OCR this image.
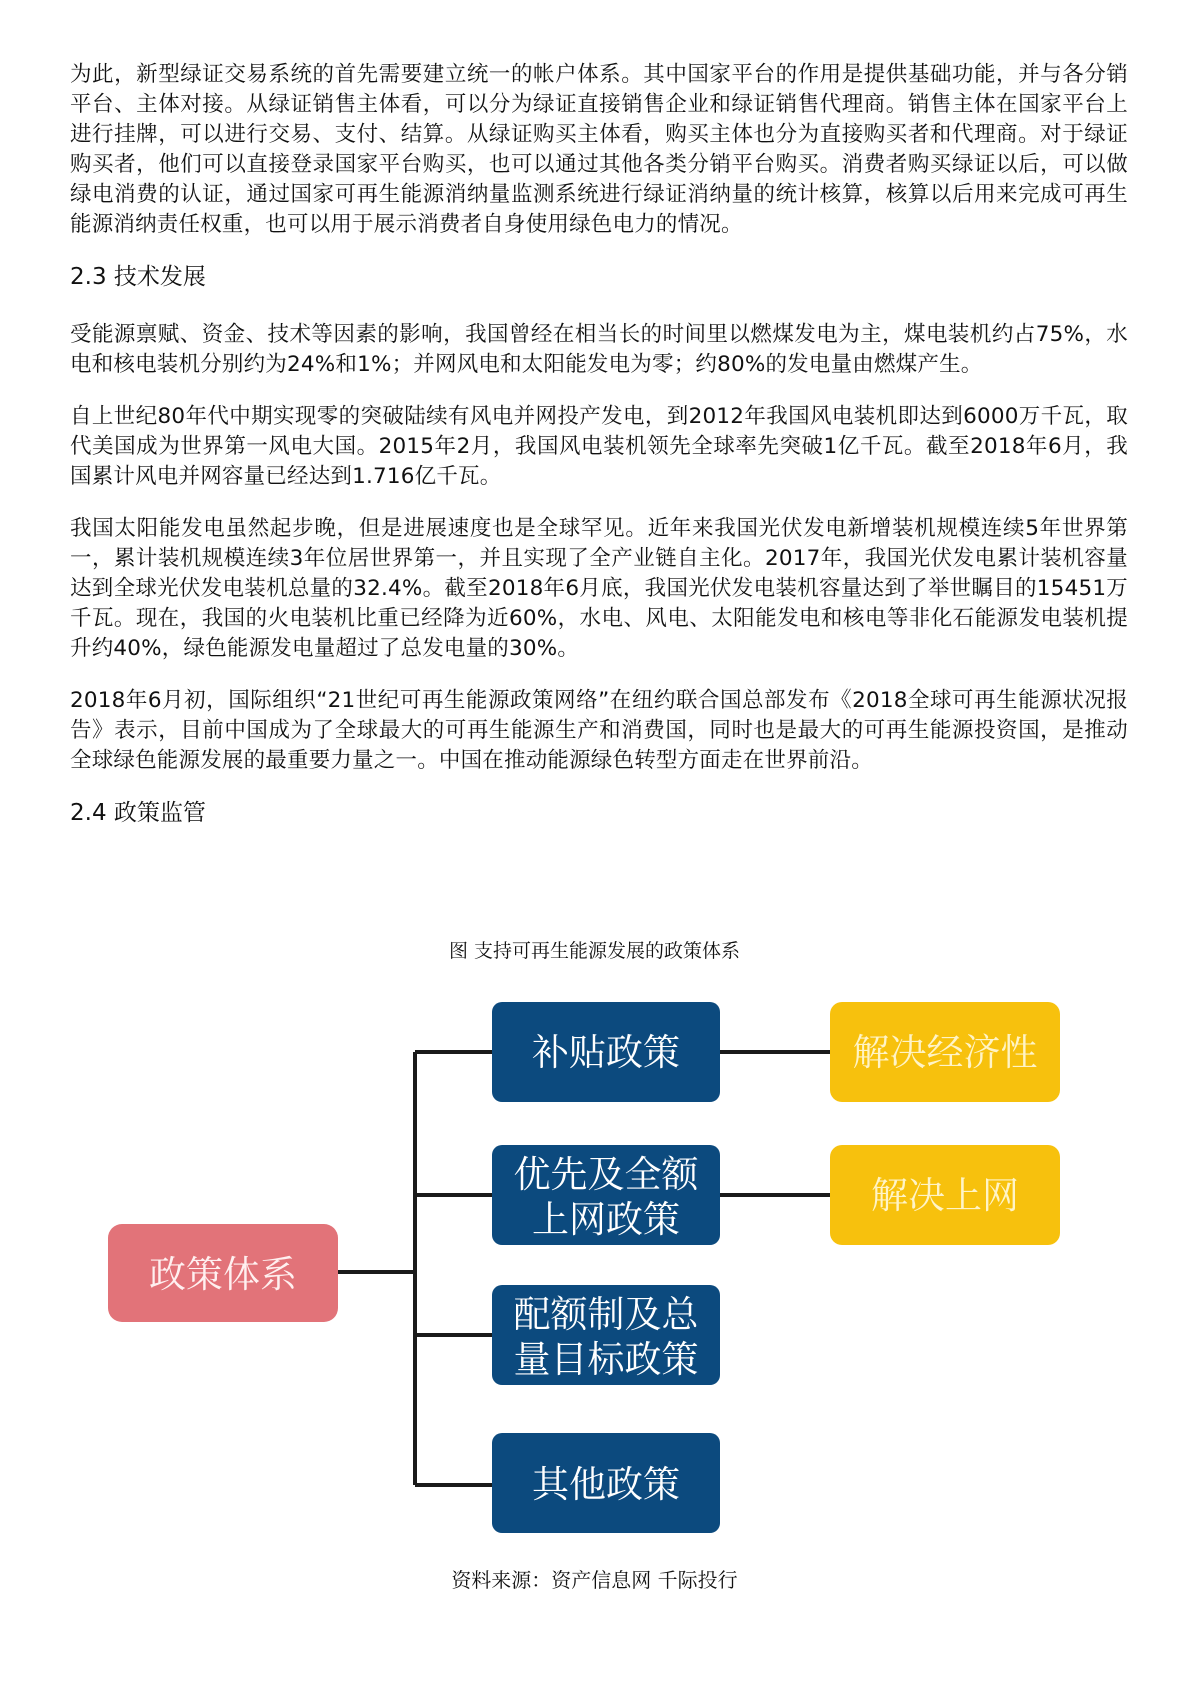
为此，新型绿证交易系统的首先需要建立统一的帐户体系。其中国家平台的作用是提供基础功能，并与各分销平台、主体对接。从绿证销售主体看，可以分为绿证直接销售企业和绿证销售代理商。销售主体在国家平台上进行挂牌，可以进行交易、支付、结算。从绿证购买主体看，购买主体也分为直接购买者和代理商。对于绿证购买者，他们可以直接登录国家平台购买，也可以通过其他各类分销平台购买。消费者购买绿证以后，可以做绿电消费的认证，通过国家可再生能源消纳量监测系统进行绿证消纳量的统计核算，核算以后用来完成可再生能源消纳责任权重，也可以用于展示消费者自身使用绿色电力的情况。

2.3 技术发展

受能源禀赋、资金、技术等因素的影响，我国曾经在相当长的时间里以燃煤发电为主，煤电装机约占75%，水电和核电装机分别约为24%和1%；并网风电和太阳能发电为零；约80%的发电量由燃煤产生。

自上世纪80年代中期实现零的突破陆续有风电并网投产发电，到2012年我国风电装机即达到6000万千瓦，取代美国成为世界第一风电大国。2015年2月，我国风电装机领先全球率先突破1亿千瓦。截至2018年6月，我国累计风电并网容量已经达到1.716亿千瓦。

我国太阳能发电虽然起步晚，但是进展速度也是全球罕见。近年来我国光伏发电新增装机规模连续5年世界第一，累计装机规模连续3年位居世界第一，并且实现了全产业链自主化。2017年，我国光伏发电累计装机容量达到全球光伏发电装机总量的32.4%。截至2018年6月底，我国光伏发电装机容量达到了举世瞩目的15451万千瓦。现在，我国的火电装机比重已经降为近60%，水电、风电、太阳能发电和核电等非化石能源发电装机提升约40%，绿色能源发电量超过了总发电量的30%。

2018年6月初，国际组织“21世纪可再生能源政策网络”在纽约联合国总部发布《2018全球可再生能源状况报告》表示，目前中国成为了全球最大的可再生能源生产和消费国，同时也是最大的可再生能源投资国，是推动全球绿色能源发展的最重要力量之一。中国在推动能源绿色转型方面走在世界前沿。

2.4 政策监管
图 支持可再生能源发展的政策体系
政策体系
补贴政策
优先及全额
上网政策
配额制及总
量目标政策
其他政策
解决经济性
解决上网
资料来源：资产信息网 千际投行
